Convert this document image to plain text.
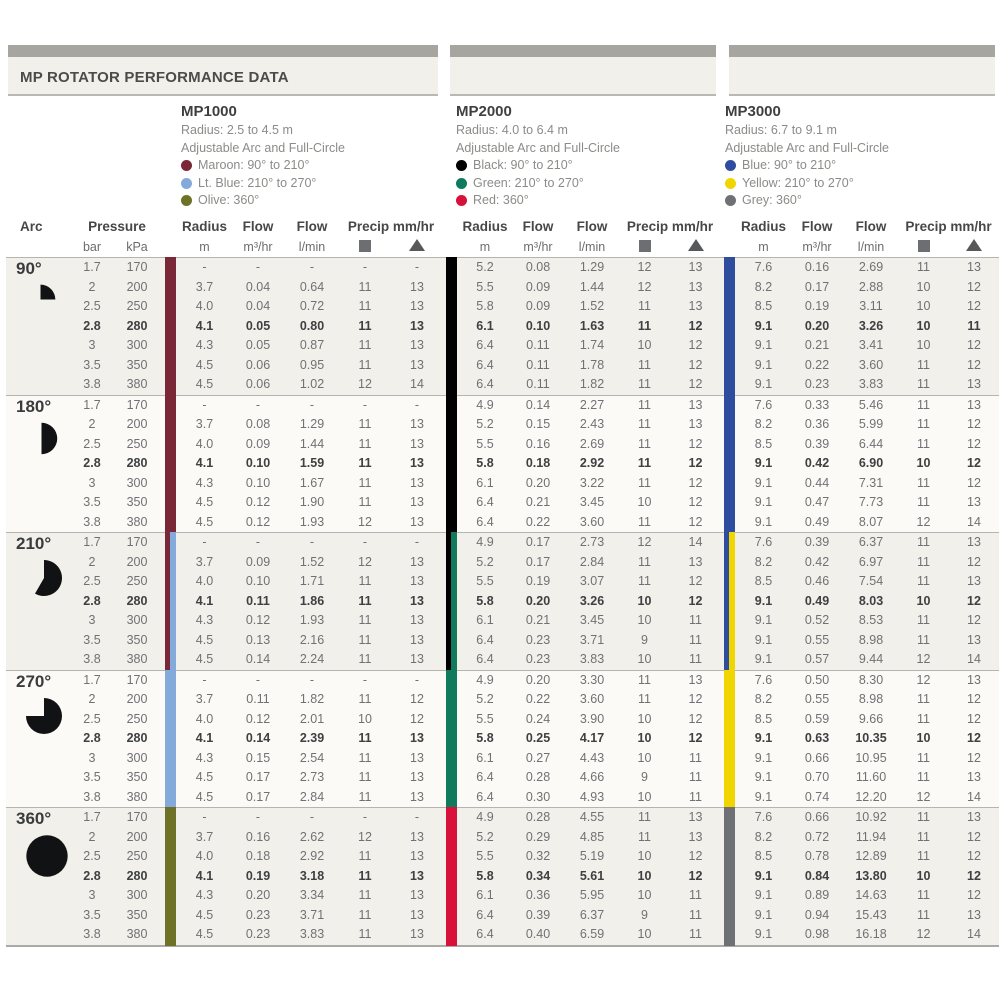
MP ROTATOR PERFORMANCE DATA
MP1000
Radius: 2.5 to 4.5 m
Adjustable Arc and Full-Circle
Maroon: 90° to 210°
Lt. Blue: 210° to 270°
Olive: 360°
MP2000
Radius: 4.0 to 6.4 m
Adjustable Arc and Full-Circle
Black: 90° to 210°
Green: 210° to 270°
Red: 360°
MP3000
Radius: 6.7 to 9.1 m
Adjustable Arc and Full-Circle
Blue: 90° to 210°
Yellow: 210° to 270°
Grey: 360°
Arc	Pressure	Radius	Flow	Flow	Precip mm/hr	Radius	Flow	Flow	Precip mm/hr	Radius	Flow	Flow	Precip mm/hr
bar	kPa	m	m³/hr	l/min	m	m³/hr	l/min	m	m³/hr	l/min
90°	1.7	170	-	-	-	-	-	5.2	0.08	1.29	12	13	7.6	0.16	2.69	11	13
2	200	3.7	0.04	0.64	11	13	5.5	0.09	1.44	12	13	8.2	0.17	2.88	10	12
2.5	250	4.0	0.04	0.72	11	13	5.8	0.09	1.52	11	13	8.5	0.19	3.11	10	12
2.8	280	4.1	0.05	0.80	11	13	6.1	0.10	1.63	11	12	9.1	0.20	3.26	10	11
3	300	4.3	0.05	0.87	11	13	6.4	0.11	1.74	10	12	9.1	0.21	3.41	10	12
3.5	350	4.5	0.06	0.95	11	13	6.4	0.11	1.78	11	12	9.1	0.22	3.60	11	12
3.8	380	4.5	0.06	1.02	12	14	6.4	0.11	1.82	11	12	9.1	0.23	3.83	11	13
180°	1.7	170	-	-	-	-	-	4.9	0.14	2.27	11	13	7.6	0.33	5.46	11	13
2	200	3.7	0.08	1.29	11	13	5.2	0.15	2.43	11	13	8.2	0.36	5.99	11	12
2.5	250	4.0	0.09	1.44	11	13	5.5	0.16	2.69	11	12	8.5	0.39	6.44	11	12
2.8	280	4.1	0.10	1.59	11	13	5.8	0.18	2.92	11	12	9.1	0.42	6.90	10	12
3	300	4.3	0.10	1.67	11	13	6.1	0.20	3.22	11	12	9.1	0.44	7.31	11	12
3.5	350	4.5	0.12	1.90	11	13	6.4	0.21	3.45	10	12	9.1	0.47	7.73	11	13
3.8	380	4.5	0.12	1.93	12	13	6.4	0.22	3.60	11	12	9.1	0.49	8.07	12	14
210°	1.7	170	-	-	-	-	-	4.9	0.17	2.73	12	14	7.6	0.39	6.37	11	13
2	200	3.7	0.09	1.52	12	13	5.2	0.17	2.84	11	13	8.2	0.42	6.97	11	12
2.5	250	4.0	0.10	1.71	11	13	5.5	0.19	3.07	11	12	8.5	0.46	7.54	11	13
2.8	280	4.1	0.11	1.86	11	13	5.8	0.20	3.26	10	12	9.1	0.49	8.03	10	12
3	300	4.3	0.12	1.93	11	13	6.1	0.21	3.45	10	11	9.1	0.52	8.53	11	12
3.5	350	4.5	0.13	2.16	11	13	6.4	0.23	3.71	9	11	9.1	0.55	8.98	11	13
3.8	380	4.5	0.14	2.24	11	13	6.4	0.23	3.83	10	11	9.1	0.57	9.44	12	14
270°	1.7	170	-	-	-	-	-	4.9	0.20	3.30	11	13	7.6	0.50	8.30	12	13
2	200	3.7	0.11	1.82	11	12	5.2	0.22	3.60	11	12	8.2	0.55	8.98	11	12
2.5	250	4.0	0.12	2.01	10	12	5.5	0.24	3.90	10	12	8.5	0.59	9.66	11	12
2.8	280	4.1	0.14	2.39	11	13	5.8	0.25	4.17	10	12	9.1	0.63	10.35	10	12
3	300	4.3	0.15	2.54	11	13	6.1	0.27	4.43	10	11	9.1	0.66	10.95	11	12
3.5	350	4.5	0.17	2.73	11	13	6.4	0.28	4.66	9	11	9.1	0.70	11.60	11	13
3.8	380	4.5	0.17	2.84	11	13	6.4	0.30	4.93	10	11	9.1	0.74	12.20	12	14
360°	1.7	170	-	-	-	-	-	4.9	0.28	4.55	11	13	7.6	0.66	10.92	11	13
2	200	3.7	0.16	2.62	12	13	5.2	0.29	4.85	11	13	8.2	0.72	11.94	11	12
2.5	250	4.0	0.18	2.92	11	13	5.5	0.32	5.19	10	12	8.5	0.78	12.89	11	12
2.8	280	4.1	0.19	3.18	11	13	5.8	0.34	5.61	10	12	9.1	0.84	13.80	10	12
3	300	4.3	0.20	3.34	11	13	6.1	0.36	5.95	10	11	9.1	0.89	14.63	11	12
3.5	350	4.5	0.23	3.71	11	13	6.4	0.39	6.37	9	11	9.1	0.94	15.43	11	13
3.8	380	4.5	0.23	3.83	11	13	6.4	0.40	6.59	10	11	9.1	0.98	16.18	12	14
